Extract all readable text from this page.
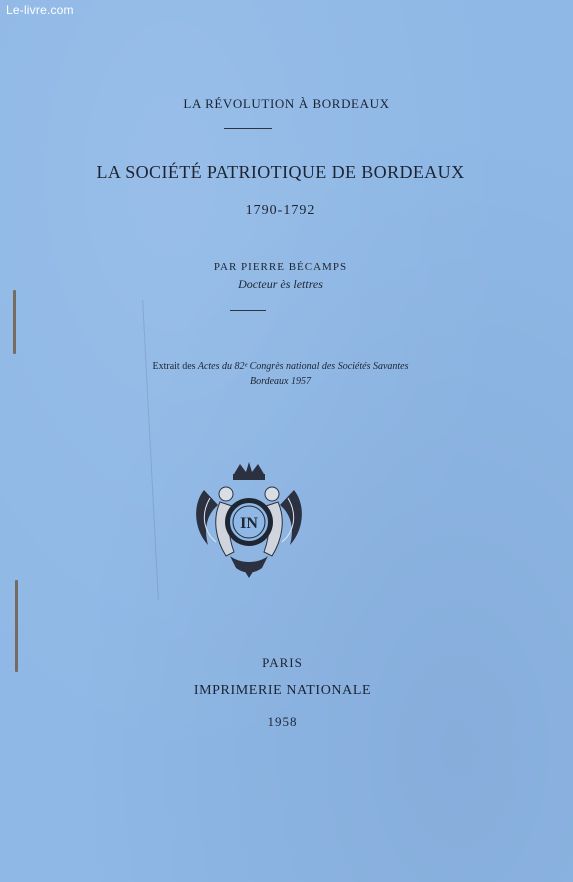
Le-livre.com
LA RÉVOLUTION À BORDEAUX
LA SOCIÉTÉ PATRIOTIQUE DE BORDEAUX
1790-1792
PAR PIERRE BÉCAMPS
Docteur ès lettres
Extrait des Actes du 82ᵉ Congrès national des Sociétés Savantes
Bordeaux 1957
IN
PARIS
IMPRIMERIE NATIONALE
1958
